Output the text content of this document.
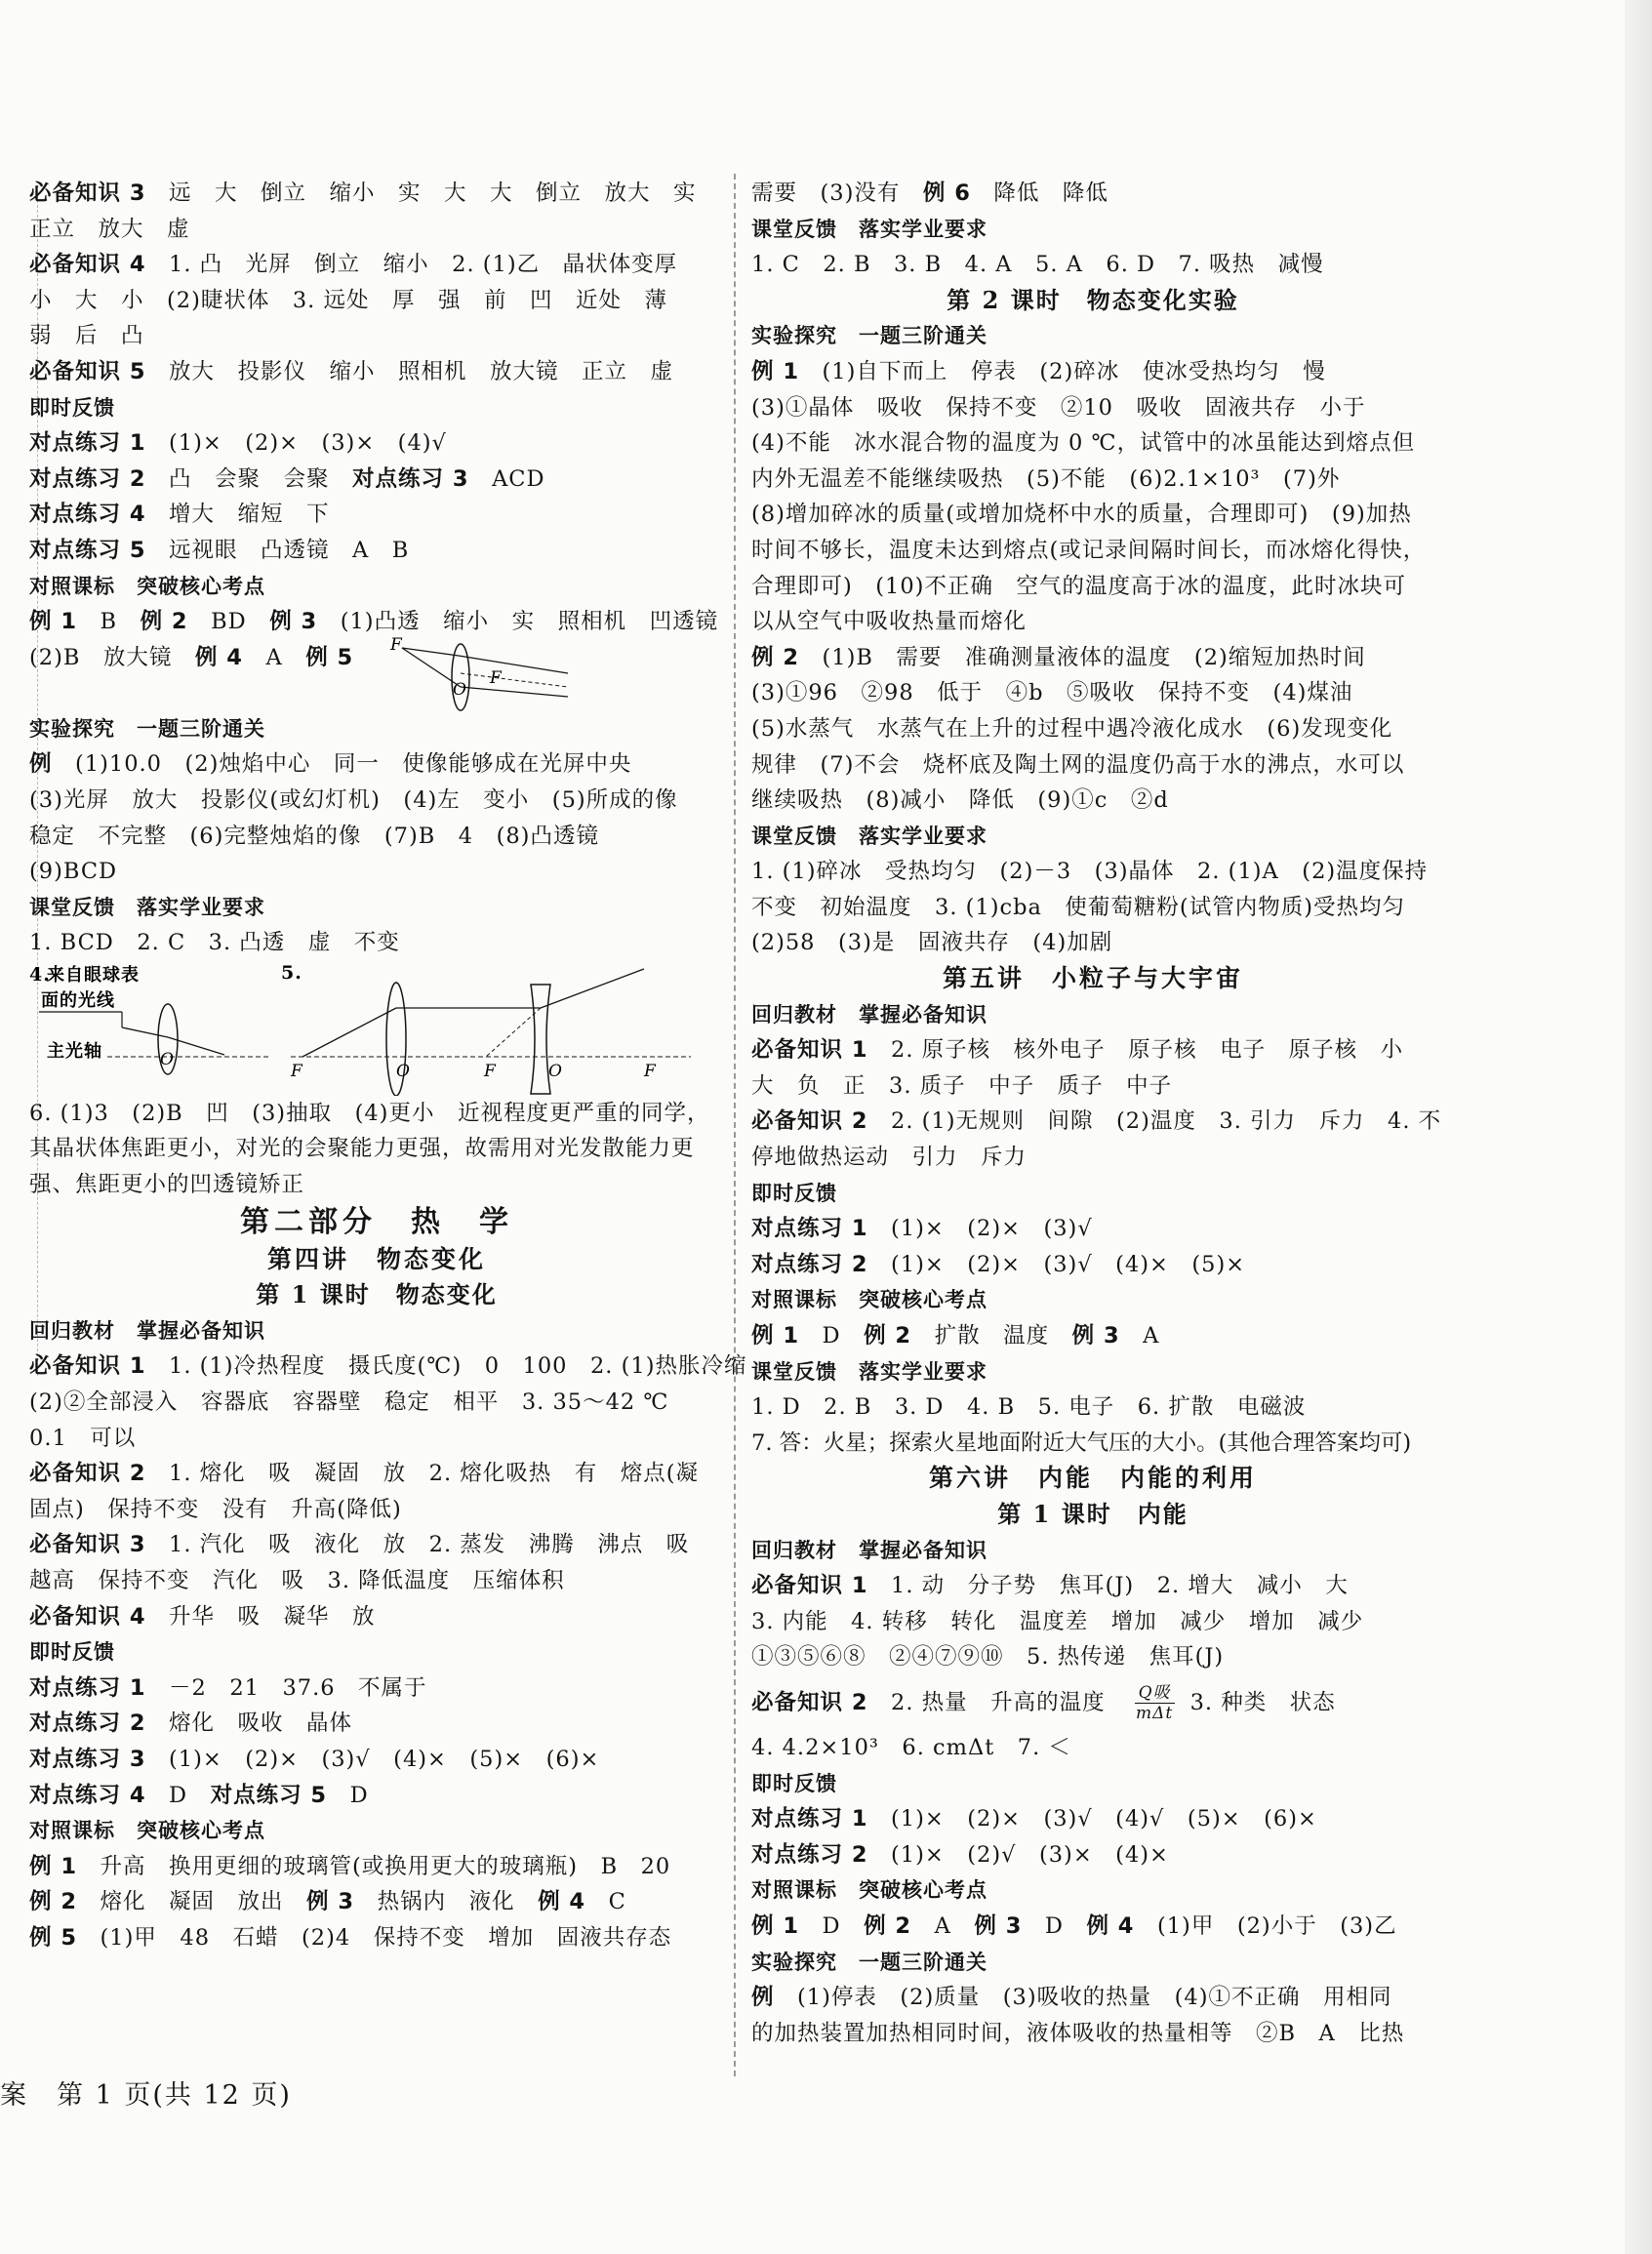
必备知识 3　 远　大　倒立　缩小　实　大　大　倒立　放大　实
正立　放大　虚
必备知识 4　 1. 凸　光屏　倒立　缩小　2. (1)乙　晶状体变厚
小　大　小　(2)睫状体　3. 远处　厚　强　前　凹　近处　薄
弱　后　凸
必备知识 5　 放大　投影仪　缩小　照相机　放大镜　正立　虚
即时反馈
对点练习 1　 (1)×　(2)×　(3)×　(4)√
对点练习 2　 凸　会聚　会聚　 对点练习 3　 ACD
对点练习 4　 增大　缩短　下
对点练习 5　 远视眼　凸透镜　A　B
对照课标　突破核心考点
例 1　 B　 例 2　 BD　 例 3　 (1)凸透　缩小　实　照相机　凹透镜
(2)B　放大镜　 例 4　 A　 例 5 F
O
F
实验探究　一题三阶通关
例　 (1)10.0　(2)烛焰中心　同一　使像能够成在光屏中央
(3)光屏　放大　投影仪(或幻灯机)　(4)左　变小　(5)所成的像
稳定　不完整　(6)完整烛焰的像　(7)B　4　(8)凸透镜
(9)BCD
课堂反馈　落实学业要求
1. BCD　2. C　3. 凸透　虚　不变
4.
来自眼球表
面的光线
主光轴	O
5.
F	O	F	O	F
6. (1)3　(2)B　凹　(3)抽取　(4)更小　近视程度更严重的同学，
其晶状体焦距更小，对光的会聚能力更强，故需用对光发散能力更
强、焦距更小的凹透镜矫正
第二部分　热　学
第四讲　物态变化
第 1 课时　物态变化
回归教材　掌握必备知识
必备知识 1　 1. (1)冷热程度　摄氏度(℃)　0　100　2. (1)热胀冷缩
(2)②全部浸入　容器底　容器壁　稳定　相平　3. 35～42 ℃
0.1　可以
必备知识 2　 1. 熔化　吸　凝固　放　2. 熔化吸热　有　熔点(凝
固点)　保持不变　没有　升高(降低)
必备知识 3　 1. 汽化　吸　液化　放　2. 蒸发　沸腾　沸点　吸
越高　保持不变　汽化　吸　3. 降低温度　压缩体积
必备知识 4　 升华　吸　凝华　放
即时反馈
对点练习 1　 －2　21　37.6　不属于
对点练习 2　 熔化　吸收　晶体
对点练习 3　 (1)×　(2)×　(3)√　(4)×　(5)×　(6)×
对点练习 4　 D　 对点练习 5　 D
对照课标　突破核心考点
例 1　 升高　换用更细的玻璃管(或换用更大的玻璃瓶)　B　20
例 2　 熔化　凝固　放出　 例 3　 热锅内　液化　 例 4　 C
例 5　 (1)甲　48　石蜡　(2)4　保持不变　增加　固液共存态
需要　(3)没有　 例 6　 降低　降低
课堂反馈　落实学业要求
1. C　2. B　3. B　4. A　5. A　6. D　7. 吸热　减慢
第 2 课时　物态变化实验
实验探究　一题三阶通关
例 1　 (1)自下而上　停表　(2)碎冰　使冰受热均匀　慢
(3)①晶体　吸收　保持不变　②10　吸收　固液共存　小于
(4)不能　冰水混合物的温度为 0 ℃，试管中的冰虽能达到熔点但
内外无温差不能继续吸热　(5)不能　(6)2.1×10³　(7)外
(8)增加碎冰的质量(或增加烧杯中水的质量，合理即可)　(9)加热
时间不够长，温度未达到熔点(或记录间隔时间长，而冰熔化得快，
合理即可)　(10)不正确　空气的温度高于冰的温度，此时冰块可
以从空气中吸收热量而熔化
例 2　 (1)B　需要　准确测量液体的温度　(2)缩短加热时间
(3)①96　②98　低于　④b　⑤吸收　保持不变　(4)煤油
(5)水蒸气　水蒸气在上升的过程中遇冷液化成水　(6)发现变化
规律　(7)不会　烧杯底及陶土网的温度仍高于水的沸点，水可以
继续吸热　(8)减小　降低　(9)①c　②d
课堂反馈　落实学业要求
1. (1)碎冰　受热均匀　(2)－3　(3)晶体　2. (1)A　(2)温度保持
不变　初始温度　3. (1)cba　使葡萄糖粉(试管内物质)受热均匀
(2)58　(3)是　固液共存　(4)加剧
第五讲　小粒子与大宇宙
回归教材　掌握必备知识
必备知识 1　 2. 原子核　核外电子　原子核　电子　原子核　小
大　负　正　3. 质子　中子　质子　中子
必备知识 2　 2. (1)无规则　间隙　(2)温度　3. 引力　斥力　4. 不
停地做热运动　引力　斥力
即时反馈
对点练习 1　 (1)×　(2)×　(3)√
对点练习 2　 (1)×　(2)×　(3)√　(4)×　(5)×
对照课标　突破核心考点
例 1　 D　 例 2　 扩散　温度　 例 3　 A
课堂反馈　落实学业要求
1. D　2. B　3. D　4. B　5. 电子　6. 扩散　电磁波
7. 答：火星；探索火星地面附近大气压的大小。(其他合理答案均可)
第六讲　内能　内能的利用
第 1 课时　内能
回归教材　掌握必备知识
必备知识 1　 1. 动　分子势　焦耳(J)　2. 增大　减小　大
3. 内能　4. 转移　转化　温度差　增加　减少　增加　减少
①③⑤⑥⑧　②④⑦⑨⑩　5. 热传递　焦耳(J)
必备知识 2　 2. 热量　升高的温度 $\frac{\text{Q吸}}{\text{mΔt}} 3$. 种类　状态
4. 4.2×10³　6. cmΔt　7. ＜
即时反馈
对点练习 1　 (1)×　(2)×　(3)√　(4)√　(5)×　(6)×
对点练习 2　 (1)×　(2)√　(3)×　(4)×
对照课标　突破核心考点
例 1　 D　 例 2　 A　 例 3　 D　 例 4　 (1)甲　(2)小于　(3)乙
实验探究　一题三阶通关
例　 (1)停表　(2)质量　(3)吸收的热量　(4)①不正确　用相同
的加热装置加热相同时间，液体吸收的热量相等　②B　A　比热
案　第 1 页(共 12 页)
